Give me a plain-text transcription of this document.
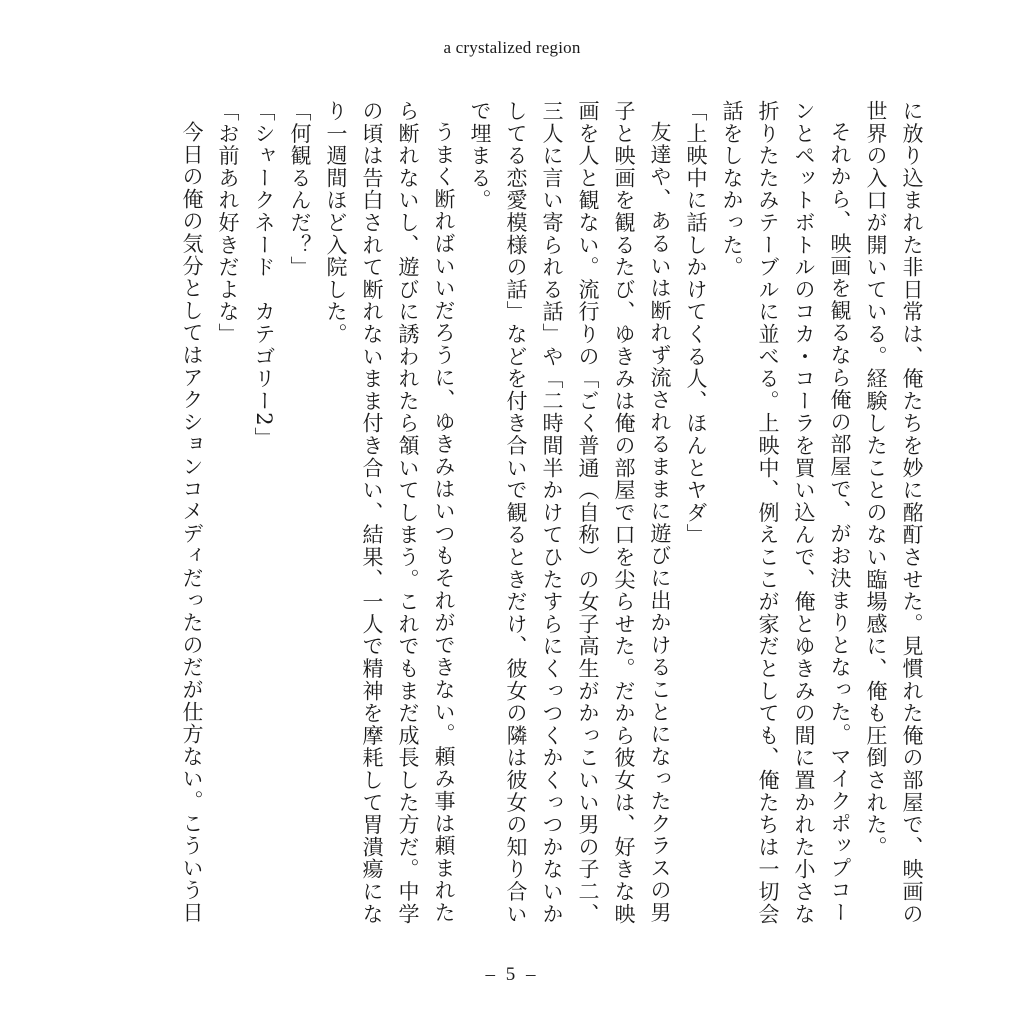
a crystalized region

に放り込まれた非日常は、俺たちを妙に酩酊させた。見慣れた俺の部屋で、映画の世界の入口が開いている。経験したことのない臨場感に、俺も圧倒された。

それから、映画を観るなら俺の部屋で、がお決まりとなった。マイクポップコーンとペットボトルのコカ・コーラを買い込んで、俺とゆきみの間に置かれた小さな折りたたみテーブルに並べる。上映中、例えここが家だとしても、俺たちは一切会話をしなかった。

「上映中に話しかけてくる人、ほんとヤダ」

友達や、あるいは断れず流されるままに遊びに出かけることになったクラスの男子と映画を観るたび、ゆきみは俺の部屋で口を尖らせた。だから彼女は、好きな映画を人と観ない。流行りの「ごく普通（自称）の女子高生がかっこいい男の子二、三人に言い寄られる話」や「二時間半かけてひたすらにくっつくかくっつかないかしてる恋愛模様の話」などを付き合いで観るときだけ、彼女の隣は彼女の知り合いで埋まる。

うまく断ればいいだろうに、ゆきみはいつもそれができない。頼み事は頼まれたら断れないし、遊びに誘われたら頷いてしまう。これでもまだ成長した方だ。中学の頃は告白されて断れないまま付き合い、結果、一人で精神を摩耗して胃潰瘍になり一週間ほど入院した。

「何観るんだ？」

「シャークネード　カテゴリー2」

「お前あれ好きだよな」

今日の俺の気分としてはアクションコメディだったのだが仕方ない。こういう日

– 5 –
